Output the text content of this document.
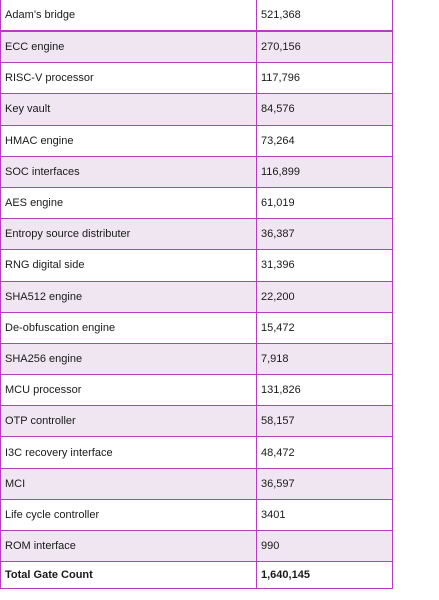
Adam’s bridge	521,368
ECC engine	270,156
RISC-V processor	117,796
Key vault	84,576
HMAC engine	73,264
SOC interfaces	116,899
AES engine	61,019
Entropy source distributer	36,387
RNG digital side	31,396
SHA512 engine	22,200
De-obfuscation engine	15,472
SHA256 engine	7,918
MCU processor	131,826
OTP controller	58,157
I3C recovery interface	48,472
MCI	36,597
Life cycle controller	3401
ROM interface	990
Total Gate Count	1,640,145
